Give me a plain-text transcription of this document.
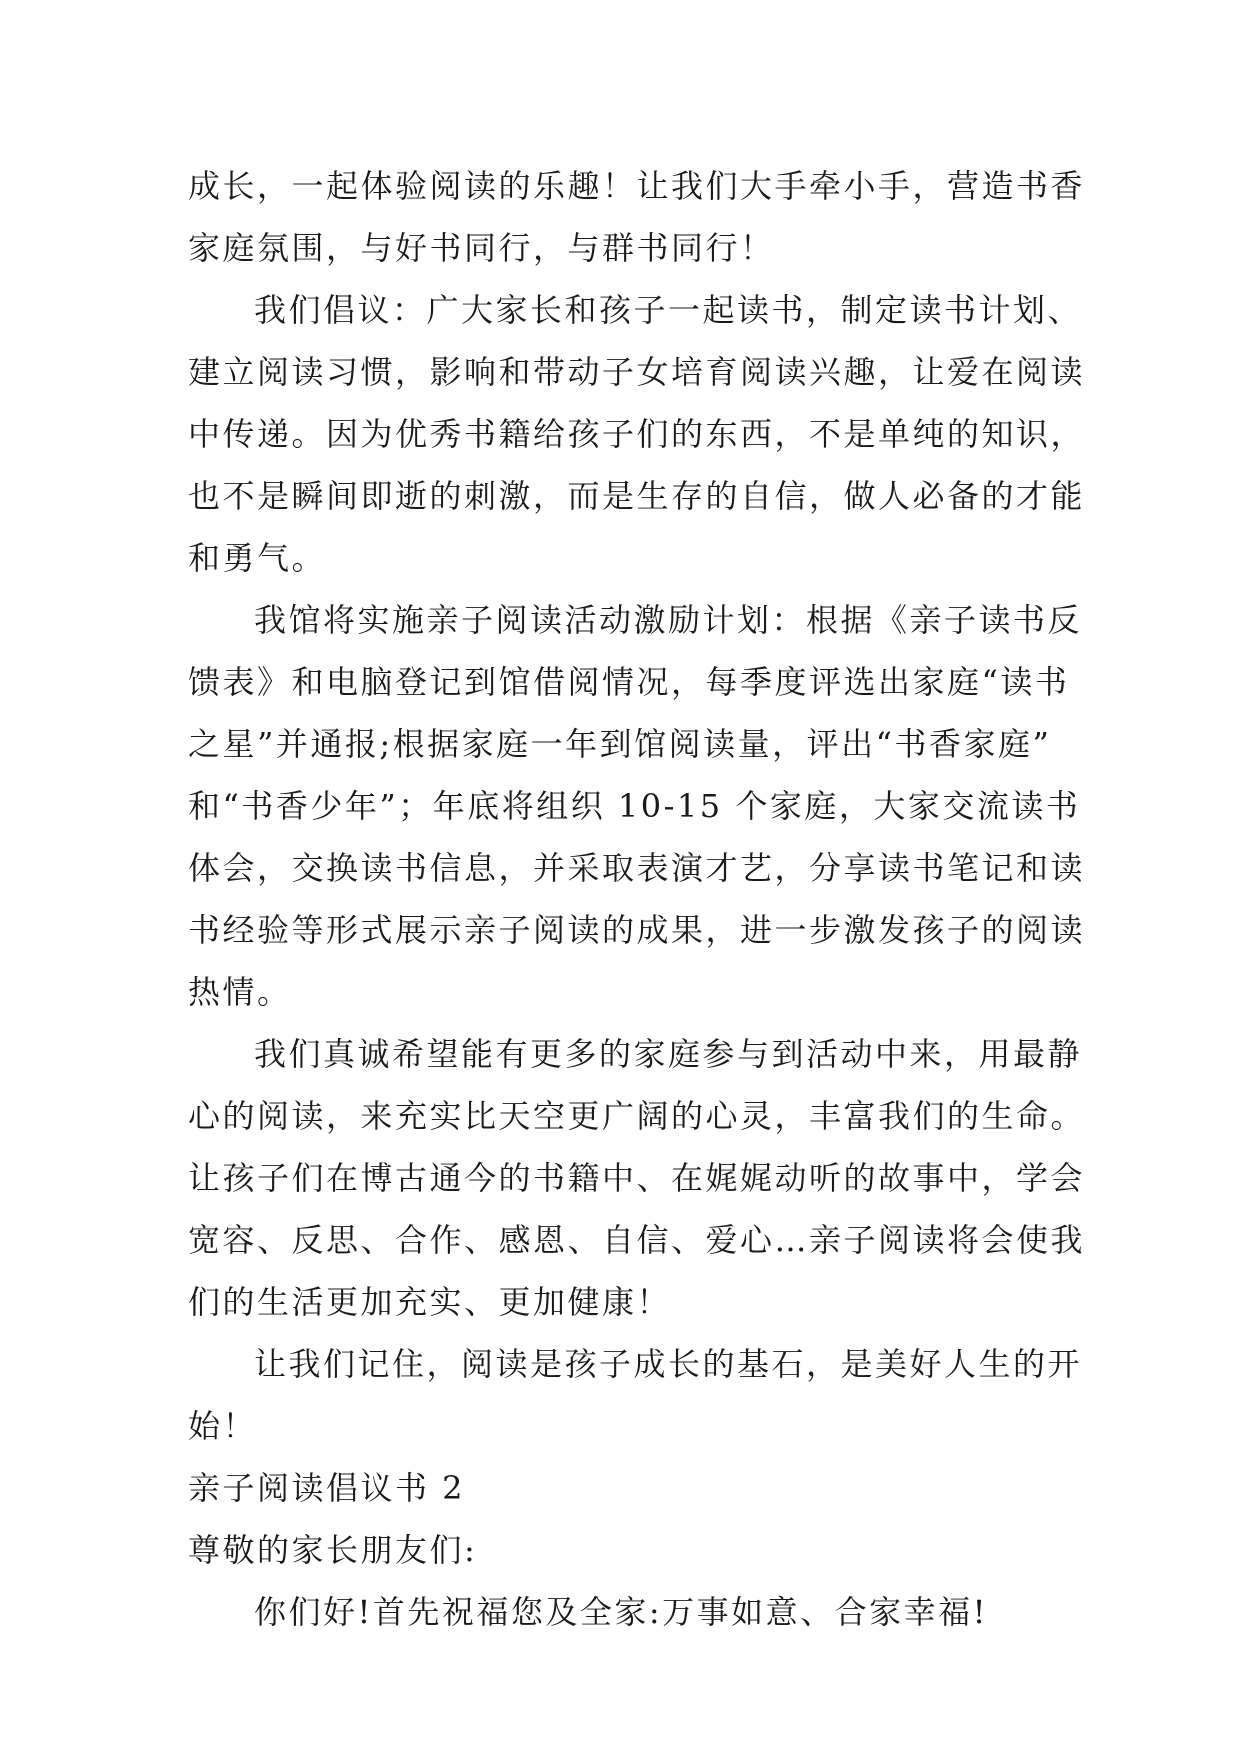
成长，一起体验阅读的乐趣！让我们大手牵小手，营造书香
家庭氛围，与好书同行，与群书同行！

我们倡议：广大家长和孩子一起读书，制定读书计划、
建立阅读习惯，影响和带动子女培育阅读兴趣，让爱在阅读
中传递。因为优秀书籍给孩子们的东西，不是单纯的知识，
也不是瞬间即逝的刺激，而是生存的自信，做人必备的才能
和勇气。

我馆将实施亲子阅读活动激励计划：根据《亲子读书反
馈表》和电脑登记到馆借阅情况，每季度评选出家庭“读书
之星”并通报;根据家庭一年到馆阅读量，评出“书香家庭”
和“书香少年”；年底将组织 10-15 个家庭，大家交流读书
体会，交换读书信息，并采取表演才艺，分享读书笔记和读
书经验等形式展示亲子阅读的成果，进一步激发孩子的阅读
热情。

我们真诚希望能有更多的家庭参与到活动中来，用最静
心的阅读，来充实比天空更广阔的心灵，丰富我们的生命。
让孩子们在博古通今的书籍中、在娓娓动听的故事中，学会
宽容、反思、合作、感恩、自信、爱心…亲子阅读将会使我
们的生活更加充实、更加健康！

让我们记住，阅读是孩子成长的基石，是美好人生的开
始！

亲子阅读倡议书 2

尊敬的家长朋友们:

你们好!首先祝福您及全家:万事如意、合家幸福!
